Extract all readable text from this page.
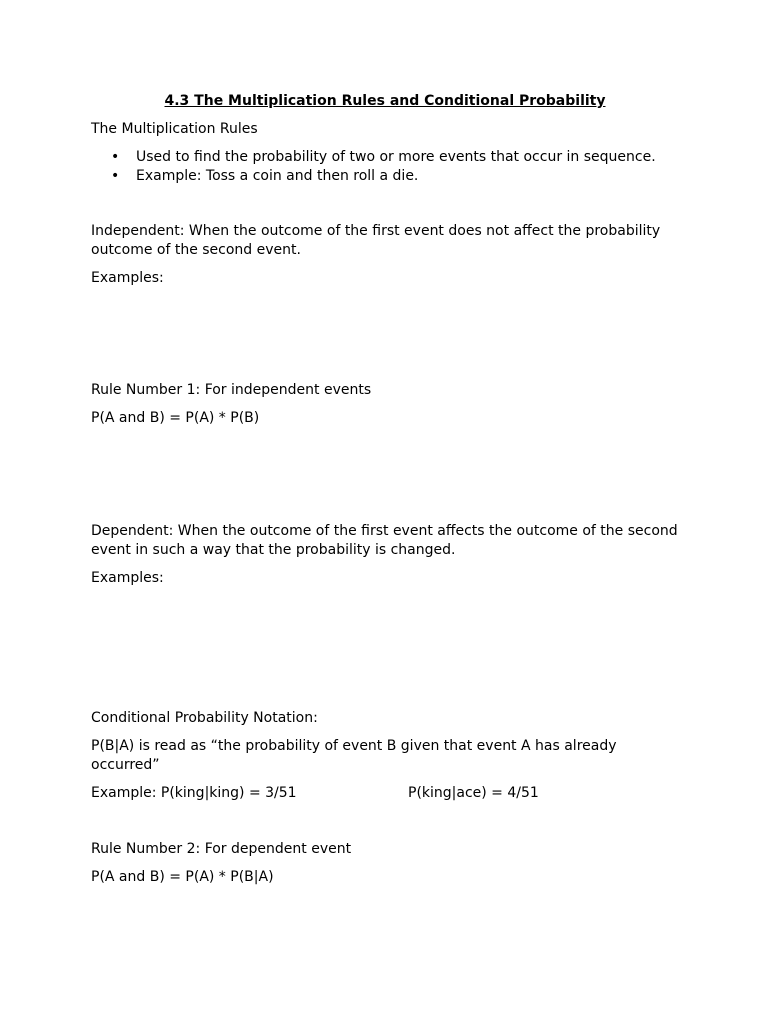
4.3 The Multiplication Rules and Conditional Probability

The Multiplication Rules

• Used to find the probability of two or more events that occur in sequence.
• Example: Toss a coin and then roll a die.

Independent: When the outcome of the first event does not affect the probability outcome of the second event.

Examples:

Rule Number 1: For independent events

P(A and B) = P(A) * P(B)

Dependent: When the outcome of the first event affects the outcome of the second event in such a way that the probability is changed.

Examples:

Conditional Probability Notation:

P(B|A) is read as “the probability of event B given that event A has already occurred”

Example: P(king|king) = 3/51	P(king|ace) = 4/51

Rule Number 2: For dependent event

P(A and B) = P(A) * P(B|A)
